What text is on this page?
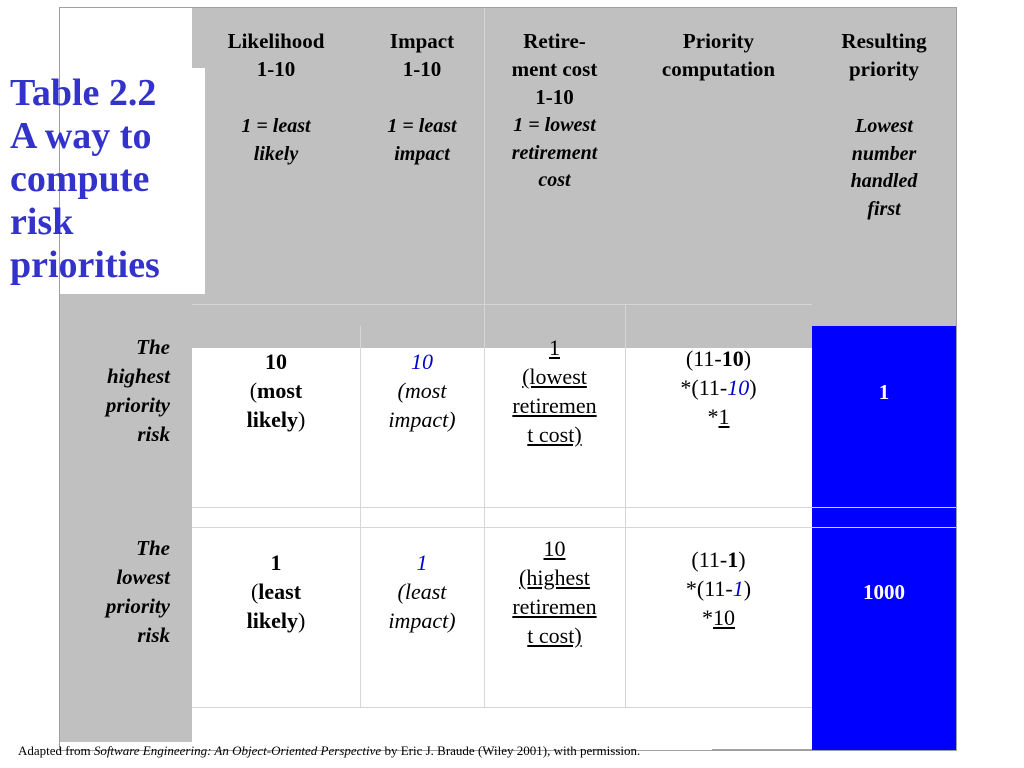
Table 2.2
A way to
compute
risk
priorities
Likelihood
1-10
1 = least
likely
Impact
1-10
1 = least
impact
Retire-
ment cost
1-10
1 = lowest
retirement
cost
Priority
computation
Resulting
priority
Lowest
number
handled
first
The
highest
priority
risk
10
(most
likely)
10
(most
impact)
1
(lowest
retiremen
t cost)
(11-10)
*(11-10)
*1
1
The
lowest
priority
risk
1
(least
likely)
1
(least
impact)
10
(highest
retiremen
t cost)
(11-1)
*(11-1)
*10
1000
Adapted from Software Engineering: An Object-Oriented Perspective by Eric J. Braude (Wiley 2001), with permission.
